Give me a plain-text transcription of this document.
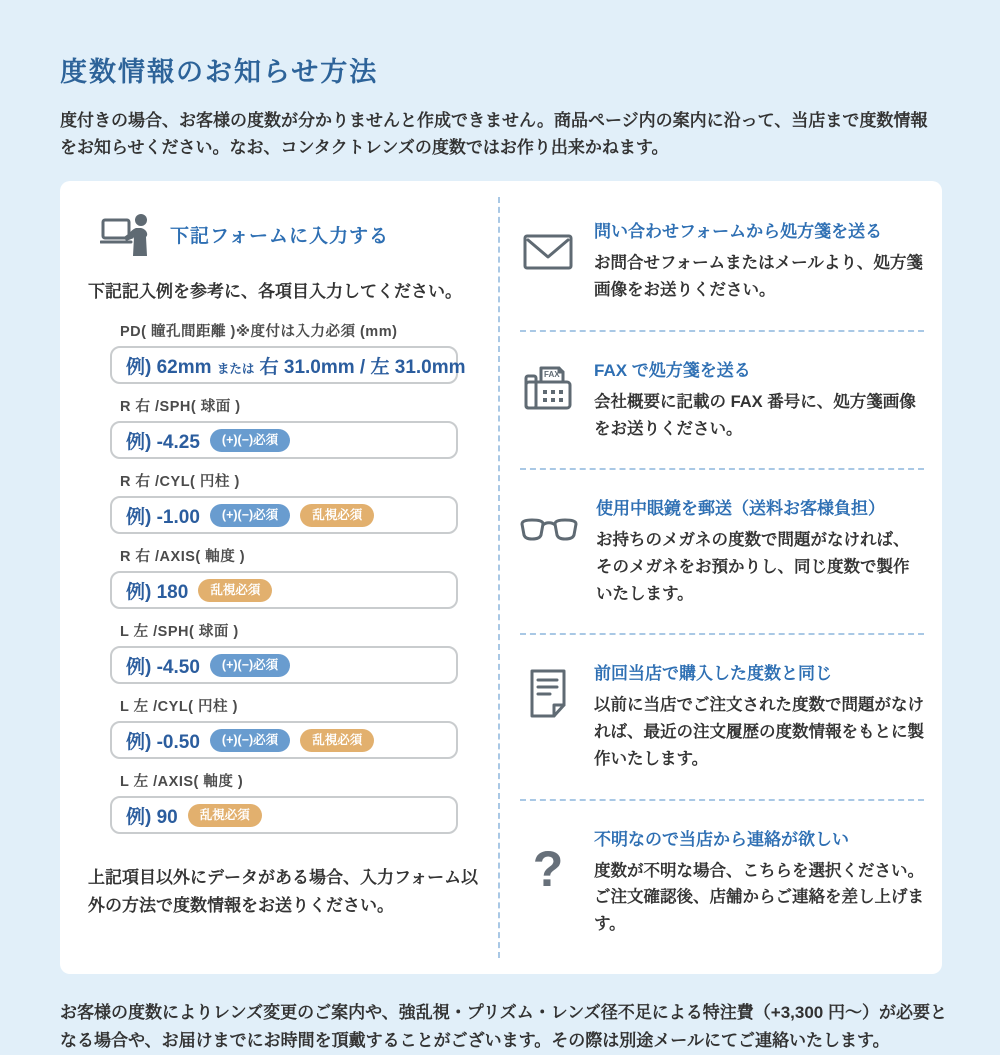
度数情報のお知らせ方法

度付きの場合、お客様の度数が分かりませんと作成できません。商品ページ内の案内に沿って、当店まで度数情報をお知らせください。なお、コンタクトレンズの度数ではお作り出来かねます。

下記フォームに入力する

下記記入例を参考に、各項目入力してください。

PD( 瞳孔間距離 )※度付は入力必須 (mm)
例) 62mm または 右 31.0mm / 左 31.0mm
R 右 /SPH( 球面 )
例) -4.25	(+)(−)必須
R 右 /CYL( 円柱 )
例) -1.00	(+)(−)必須	乱視必須
R 右 /AXIS( 軸度 )
例) 180	乱視必須
L 左 /SPH( 球面 )
例) -4.50	(+)(−)必須
L 左 /CYL( 円柱 )
例) -0.50	(+)(−)必須	乱視必須
L 左 /AXIS( 軸度 )
例) 90	乱視必須

上記項目以外にデータがある場合、入力フォーム以外の方法で度数情報をお送りください。

問い合わせフォームから処方箋を送る

お問合せフォームまたはメールより、処方箋画像をお送りください。

FAX FAX で処方箋を送る

会社概要に記載の FAX 番号に、処方箋画像をお送りください。

使用中眼鏡を郵送（送料お客様負担）

お持ちのメガネの度数で問題がなければ、そのメガネをお預かりし、同じ度数で製作いたします。

前回当店で購入した度数と同じ

以前に当店でご注文された度数で問題がなければ、最近の注文履歴の度数情報をもとに製作いたします。

?

不明なので当店から連絡が欲しい

度数が不明な場合、こちらを選択ください。ご注文確認後、店舗からご連絡を差し上げます。

お客様の度数によりレンズ変更のご案内や、強乱視・プリズム・レンズ径不足による特注費（+3,300 円～）が必要となる場合や、お届けまでにお時間を頂戴することがございます。その際は別途メールにてご連絡いたします。
